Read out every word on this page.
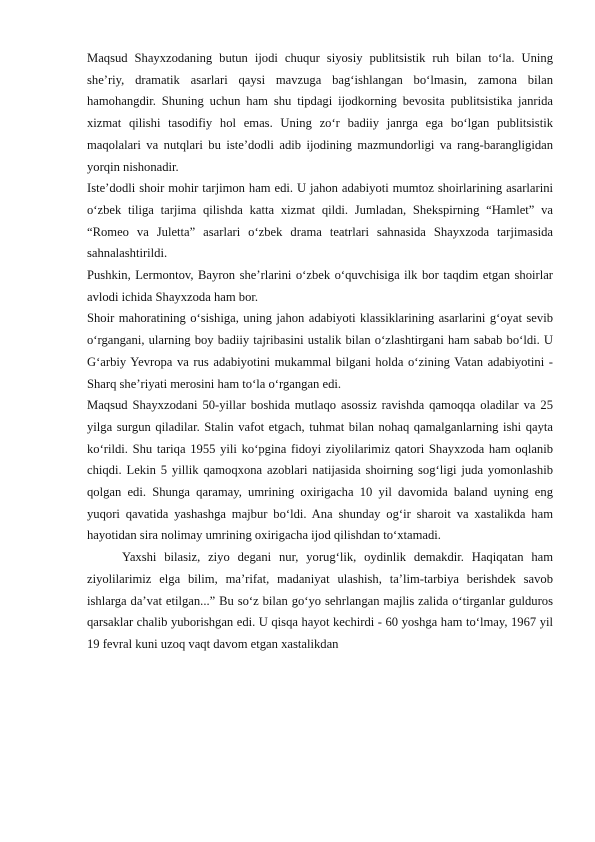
Maqsud Shayxzodaning butun ijodi chuqur siyosiy publitsistik ruh bilan to‘la. Uning she’riy, dramatik asarlari qaysi mavzuga bag‘ishlangan bo‘lmasin, zamona bilan hamohangdir. Shuning uchun ham shu tipdagi ijodkorning bevosita publitsistika janrida xizmat qilishi tasodifiy hol emas. Uning zo‘r badiiy janrga ega bo‘lgan publitsistik maqolalari va nutqlari bu iste’dodli adib ijodining mazmundorligi va rang-barangligidan yorqin nishonadir.

Iste’dodli shoir mohir tarjimon ham edi. U jahon adabiyoti mumtoz shoirlarining asarlarini o‘zbek tiliga tarjima qilishda katta xizmat qildi. Jumladan, Shekspirning “Hamlet” va “Romeo va Juletta” asarlari o‘zbek drama teatrlari sahnasida Shayxzoda tarjimasida sahnalashtirildi.

Pushkin, Lermontov, Bayron she’rlarini o‘zbek o‘quvchisiga ilk bor taqdim etgan shoirlar avlodi ichida Shayxzoda ham bor.

Shoir mahoratining o‘sishiga, uning jahon adabiyoti klassiklarining asarlarini g‘oyat sevib o‘rgangani, ularning boy badiiy tajribasini ustalik bilan o‘zlashtirgani ham sabab bo‘ldi. U G‘arbiy Yevropa va rus adabiyotini mukammal bilgani holda o‘zining Vatan adabiyotini - Sharq she’riyati merosini ham to‘la o‘rgangan edi.

Maqsud Shayxzodani 50-yillar boshida mutlaqo asossiz ravishda qamoqqa oladilar va 25 yilga surgun qiladilar. Stalin vafot etgach, tuhmat bilan nohaq qamalganlarning ishi qayta ko‘rildi. Shu tariqa 1955 yili ko‘pgina fidoyi ziyolilarimiz qatori Shayxzoda ham oqlanib chiqdi. Lekin 5 yillik qamoqxona azoblari natijasida shoirning sog‘ligi juda yomonlashib qolgan edi. Shunga qaramay, umrining oxirigacha 10 yil davomida baland uyning eng yuqori qavatida yashashga majbur bo‘ldi. Ana shunday og‘ir sharoit va xastalikda ham hayotidan sira nolimay umrining oxirigacha ijod qilishdan to‘xtamadi.

Yaxshi bilasiz, ziyo degani nur, yorug‘lik, oydinlik demakdir. Haqiqatan ham ziyolilarimiz elga bilim, ma’rifat, madaniyat ulashish, ta’lim-tarbiya berishdek savob ishlarga da’vat etilgan...” Bu so‘z bilan go‘yo sehrlangan majlis zalida o‘tirganlar gulduros qarsaklar chalib yuborishgan edi. U qisqa hayot kechirdi - 60 yoshga ham to‘lmay, 1967 yil 19 fevral kuni uzoq vaqt davom etgan xastalikdan
